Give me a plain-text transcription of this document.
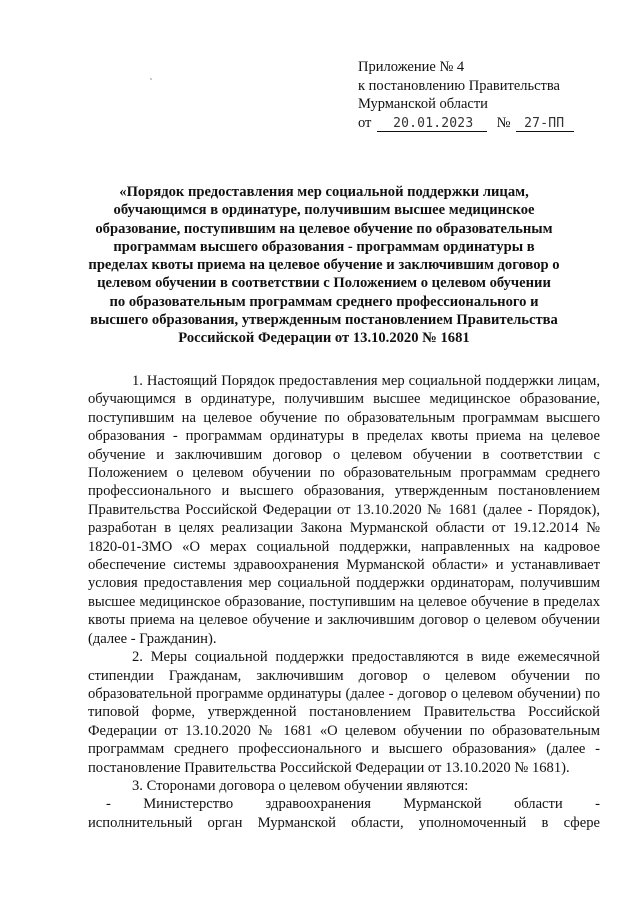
Приложение № 4
к постановлению Правительства
Мурманской области
от 20.01.2023 № 27-ПП
«Порядок предоставления мер социальной поддержки лицам, обучающимся в ординатуре, получившим высшее медицинское образование, поступившим на целевое обучение по образовательным программам высшего образования - программам ординатуры в пределах квоты приема на целевое обучение и заключившим договор о целевом обучении в соответствии с Положением о целевом обучении по образовательным программам среднего профессионального и высшего образования, утвержденным постановлением Правительства Российской Федерации от 13.10.2020 № 1681

1. Настоящий Порядок предоставления мер социальной поддержки лицам, обучающимся в ординатуре, получившим высшее медицинское образование, поступившим на целевое обучение по образовательным программам высшего образования - программам ординатуры в пределах квоты приема на целевое обучение и заключившим договор о целевом обучении в соответствии с Положением о целевом обучении по образовательным программам среднего профессионального и высшего образования, утвержденным постановлением Правительства Российской Федерации от 13.10.2020 № 1681 (далее - Порядок), разработан в целях реализации Закона Мурманской области от 19.12.2014 № 1820-01-ЗМО «О мерах социальной поддержки, направленных на кадровое обеспечение системы здравоохранения Мурманской области» и устанавливает условия предоставления мер социальной поддержки ординаторам, получившим высшее медицинское образование, поступившим на целевое обучение в пределах квоты приема на целевое обучение и заключившим договор о целевом обучении (далее - Гражданин).

2. Меры социальной поддержки предоставляются в виде ежемесячной стипендии Гражданам, заключившим договор о целевом обучении по образовательной программе ординатуры (далее - договор о целевом обучении) по типовой форме, утвержденной постановлением Правительства Российской Федерации от 13.10.2020 № 1681 «О целевом обучении по образовательным программам среднего профессионального и высшего образования» (далее - постановление Правительства Российской Федерации от 13.10.2020 № 1681).

3. Сторонами договора о целевом обучении являются:

- Министерство здравоохранения Мурманской области -
исполнительный орган Мурманской области, уполномоченный в сфере
